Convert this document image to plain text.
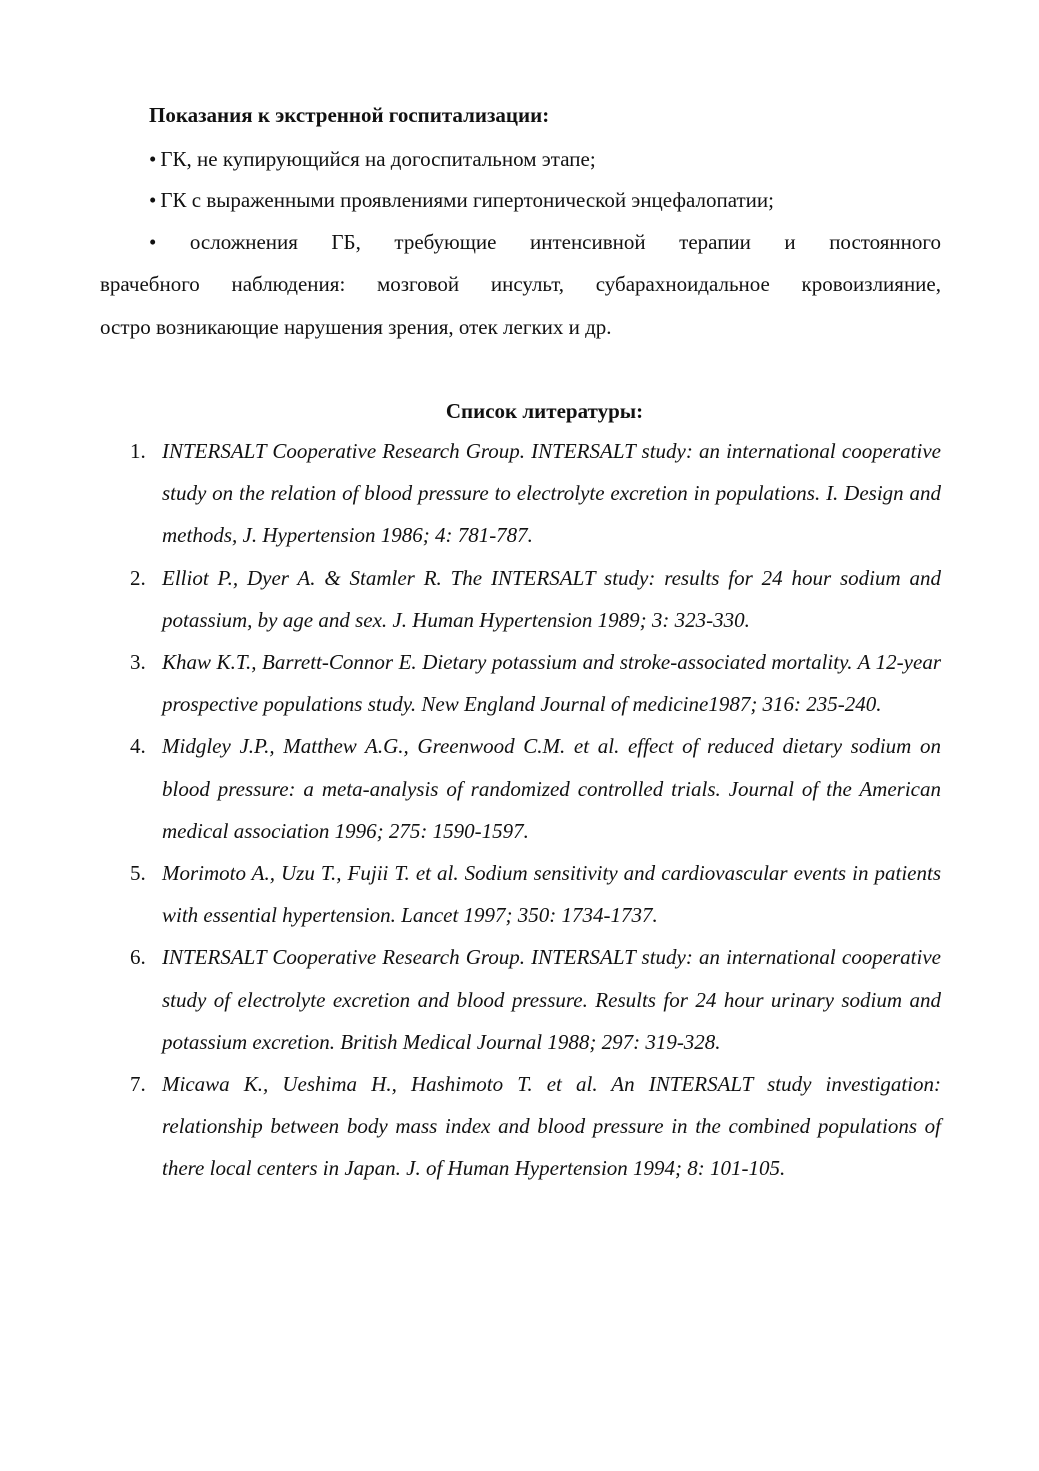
Показания к экстренной госпитализации:
• ГК, не купирующийся на догоспитальном этапе;
• ГК с выраженными проявлениями гипертонической энцефалопатии;
• осложнения ГБ, требующие интенсивной терапии и постоянного
врачебного наблюдения: мозговой инсульт, субарахноидальное кровоизлияние,
остро возникающие нарушения зрения, отек легких и др.
Список литературы:
1. INTERSALT Cooperative Research Group. INTERSALT study: an international cooperative study on the relation of blood pressure to electrolyte excretion in populations. I. Design and methods, J. Hypertension 1986; 4: 781-787.
2. Elliot P., Dyer A. & Stamler R. The INTERSALT study: results for 24 hour sodium and potassium, by age and sex. J. Human Hypertension 1989; 3: 323-330.
3. Khaw K.T., Barrett-Connor E. Dietary potassium and stroke-associated mortality. A 12-year prospective populations study. New England Journal of medicine1987; 316: 235-240.
4. Midgley J.P., Matthew A.G., Greenwood C.M. et al. effect of reduced dietary sodium on blood pressure: a meta-analysis of randomized controlled trials. Journal of the American medical association 1996; 275: 1590-1597.
5. Morimoto A., Uzu T., Fujii T. et al. Sodium sensitivity and cardiovascular events in patients with essential hypertension. Lancet 1997; 350: 1734-1737.
6. INTERSALT Cooperative Research Group. INTERSALT study: an international cooperative study of electrolyte excretion and blood pressure. Results for 24 hour urinary sodium and potassium excretion. British Medical Journal 1988; 297: 319-328.
7. Micawa K., Ueshima H., Hashimoto T. et al. An INTERSALT study investigation: relationship between body mass index and blood pressure in the combined populations of there local centers in Japan. J. of Human Hypertension 1994; 8: 101-105.
